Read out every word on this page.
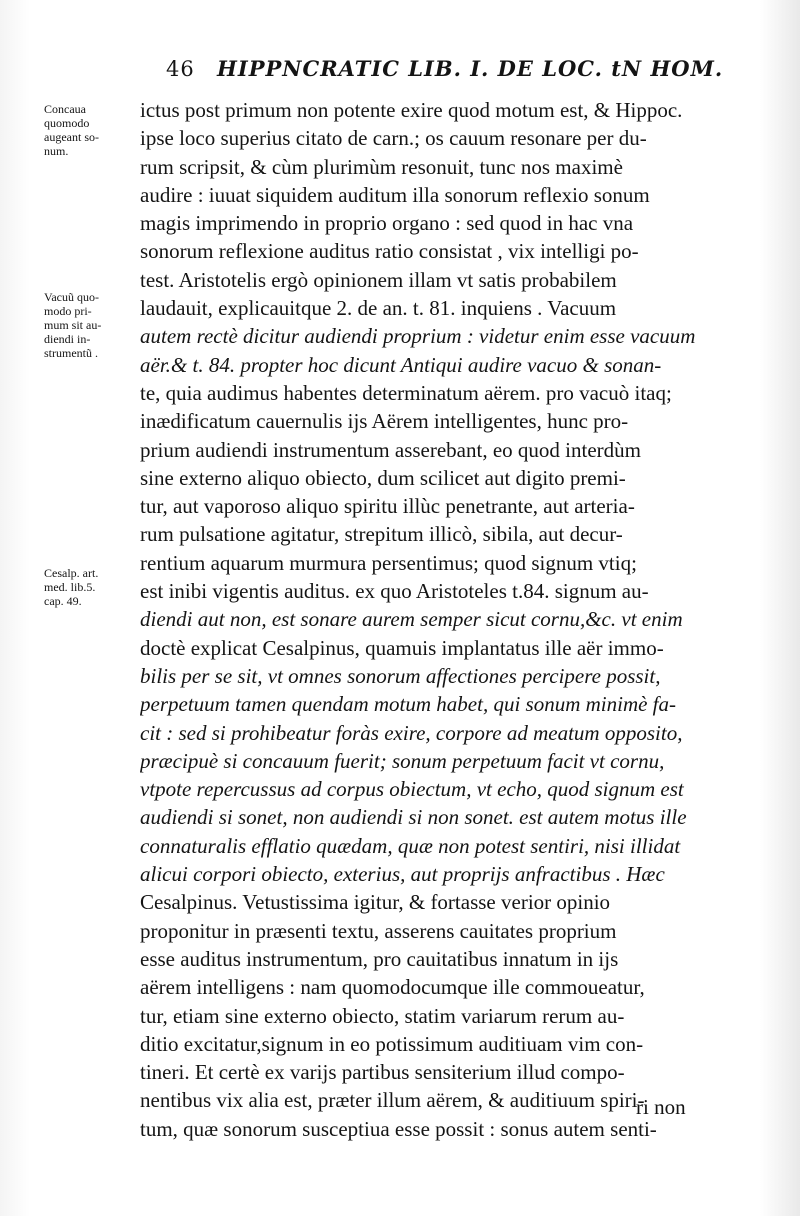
46 HIPPNCRATIC LIB. I. DE LOC. tN HOM.
Concaua
quomodo
augeant so-
num.
Vacuũ quo-
modo pri-
mum sit au-
diendi in-
strumentũ .
Cesalp. art.
med. lib.5.
cap. 49.
ictus post primum non potente exire quod motum est, & Hippoc.
ipse loco superius citato de carn.; os cauum resonare per du-
rum scripsit, & cùm plurimùm resonuit, tunc nos maximè
audire : iuuat siquidem auditum illa sonorum reflexio sonum
magis imprimendo in proprio organo : sed quod in hac vna
sonorum reflexione auditus ratio consistat , vix intelligi po-
test. Aristotelis ergò opinionem illam vt satis probabilem
laudauit, explicauitque 2. de an. t. 81. inquiens . Vacuum
autem rectè dicitur audiendi proprium : videtur enim esse vacuum
aër.& t. 84. propter hoc dicunt Antiqui audire vacuo & sonan-
te, quia audimus habentes determinatum aërem. pro vacuò itaq;
inædificatum cauernulis ijs Aërem intelligentes, hunc pro-
prium audiendi instrumentum asserebant, eo quod interdùm
sine externo aliquo obiecto, dum scilicet aut digito premi-
tur, aut vaporoso aliquo spiritu illùc penetrante, aut arteria-
rum pulsatione agitatur, strepitum illicò, sibila, aut decur-
rentium aquarum murmura persentimus; quod signum vtiq;
est inibi vigentis auditus. ex quo Aristoteles t.84. signum au-
diendi aut non, est sonare aurem semper sicut cornu,&c. vt enim
doctè explicat Cesalpinus, quamuis implantatus ille aër immo-
bilis per se sit, vt omnes sonorum affectiones percipere possit,
perpetuum tamen quendam motum habet, qui sonum minimè fa-
cit : sed si prohibeatur foràs exire, corpore ad meatum opposito,
præcipuè si concauum fuerit; sonum perpetuum facit vt cornu,
vtpote repercussus ad corpus obiectum, vt echo, quod signum est
audiendi si sonet, non audiendi si non sonet. est autem motus ille
connaturalis efflatio quædam, quæ non potest sentiri, nisi illidat
alicui corpori obiecto, exterius, aut proprijs anfractibus . Hæc
Cesalpinus. Vetustissima igitur, & fortasse verior opinio
proponitur in præsenti textu, asserens cauitates proprium
esse auditus instrumentum, pro cauitatibus innatum in ijs
aërem intelligens : nam quomodocumque ille commoueatur,
tur, etiam sine externo obiecto, statim variarum rerum au-
ditio excitatur,signum in eo potissimum auditiuam vim con-
tineri. Et certè ex varijs partibus sensiterium illud compo-
nentibus vix alia est, præter illum aërem, & auditiuum spiri-
tum, quæ sonorum susceptiua esse possit : sonus autem senti-
ri non
